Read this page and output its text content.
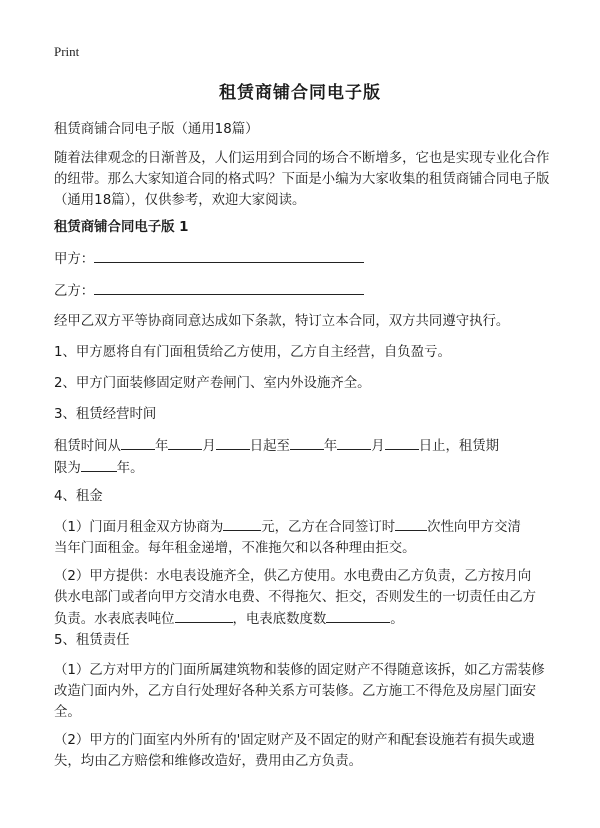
Print
租赁商铺合同电子版

租赁商铺合同电子版（通用18篇）

随着法律观念的日渐普及，人们运用到合同的场合不断增多，它也是实现专业化合作的纽带。那么大家知道合同的格式吗？下面是小编为大家收集的租赁商铺合同电子版（通用18篇），仅供参考，欢迎大家阅读。

租赁商铺合同电子版 1

甲方：

乙方：

经甲乙双方平等协商同意达成如下条款，特订立本合同，双方共同遵守执行。

1、甲方愿将自有门面租赁给乙方使用，乙方自主经营，自负盈亏。

2、甲方门面装修固定财产卷闸门、室内外设施齐全。

3、租赁经营时间

租赁时间从	年	月	日起至	年	月	日止，租赁期
限为	年。

4、租金

（1）门面月租金双方协商为	元，乙方在合同签订时 次性向甲方交清
当年门面租金。每年租金递增，不准拖欠和以各种理由拒交。

（2）甲方提供：水电表设施齐全，供乙方使用。水电费由乙方负责，乙方按月向
供水电部门或者向甲方交清水电费、不得拖欠、拒交，否则发生的一切责任由乙方
负责。水表底表吨位	，电表底数度数	。

5、租赁责任

（1）乙方对甲方的门面所属建筑物和装修的固定财产不得随意该拆，如乙方需装修改造门面内外，乙方自行处理好各种关系方可装修。乙方施工不得危及房屋门面安全。

（2）甲方的门面室内外所有的'固定财产及不固定的财产和配套设施若有损失或遗失，均由乙方赔偿和维修改造好，费用由乙方负责。
